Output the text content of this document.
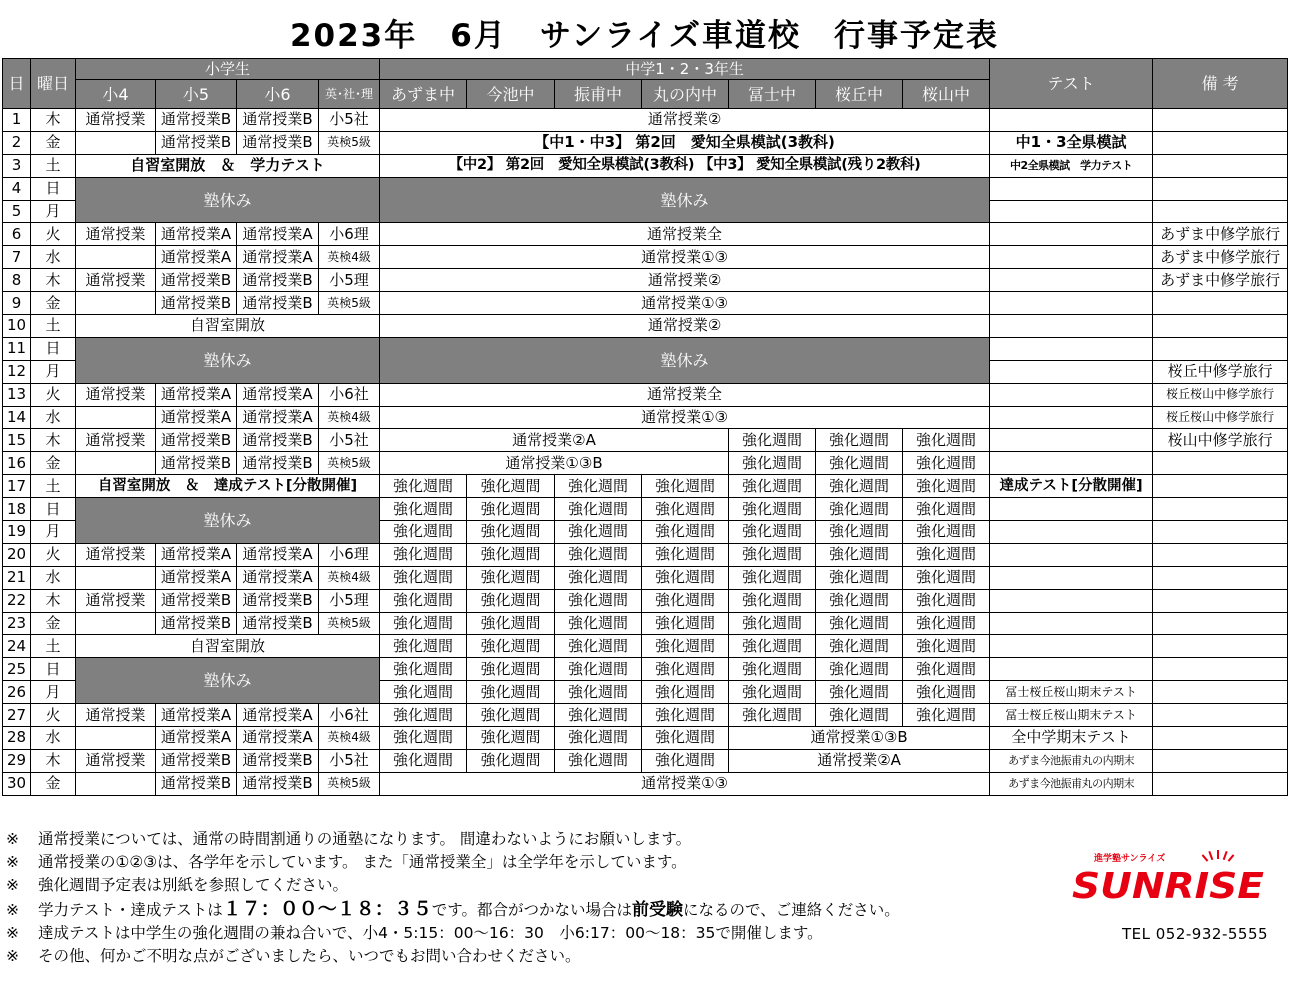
2023年　6月　サンライズ車道校　行事予定表
日	曜日	小学生				中学1・2・3年生							テスト	備 考
		小4	小5	小6	英･社･理	あずま中	今池中	振甫中	丸の内中	冨士中	桜丘中	桜山中		
1	木	通常授業	通常授業B	通常授業B	小5社	通常授業②								
2	金		通常授業B	通常授業B	英検5級	【中1・中3】 第2回　愛知全県模試(3教科)							中1・3全県模試	
3	土	自習室開放　＆　学力テスト				【中2】 第2回　愛知全県模試(3教科) 【中3】 愛知全県模試(残り2教科)							中2全県模試　学力テスト	
4	日	塾休み				塾休み								
5	月													
6	火	通常授業	通常授業A	通常授業A	小6理	通常授業全								あずま中修学旅行
7	水		通常授業A	通常授業A	英検4級	通常授業①③								あずま中修学旅行
8	木	通常授業	通常授業B	通常授業B	小5理	通常授業②								あずま中修学旅行
9	金		通常授業B	通常授業B	英検5級	通常授業①③								
10	土	自習室開放				通常授業②								
11	日	塾休み				塾休み								
12	月													桜丘中修学旅行
13	火	通常授業	通常授業A	通常授業A	小6社	通常授業全								桜丘桜山中修学旅行
14	水		通常授業A	通常授業A	英検4級	通常授業①③								桜丘桜山中修学旅行
15	木	通常授業	通常授業B	通常授業B	小5社	通常授業②A				強化週間	強化週間	強化週間		桜山中修学旅行
16	金		通常授業B	通常授業B	英検5級	通常授業①③B				強化週間	強化週間	強化週間		
17	土	自習室開放　＆　達成テスト[分散開催]				強化週間	強化週間	強化週間	強化週間	強化週間	強化週間	強化週間	達成テスト[分散開催]	
18	日	塾休み				強化週間	強化週間	強化週間	強化週間	強化週間	強化週間	強化週間		
19	月					強化週間	強化週間	強化週間	強化週間	強化週間	強化週間	強化週間		
20	火	通常授業	通常授業A	通常授業A	小6理	強化週間	強化週間	強化週間	強化週間	強化週間	強化週間	強化週間		
21	水		通常授業A	通常授業A	英検4級	強化週間	強化週間	強化週間	強化週間	強化週間	強化週間	強化週間		
22	木	通常授業	通常授業B	通常授業B	小5理	強化週間	強化週間	強化週間	強化週間	強化週間	強化週間	強化週間		
23	金		通常授業B	通常授業B	英検5級	強化週間	強化週間	強化週間	強化週間	強化週間	強化週間	強化週間		
24	土	自習室開放				強化週間	強化週間	強化週間	強化週間	強化週間	強化週間	強化週間		
25	日	塾休み				強化週間	強化週間	強化週間	強化週間	強化週間	強化週間	強化週間		
26	月					強化週間	強化週間	強化週間	強化週間	強化週間	強化週間	強化週間	冨士桜丘桜山期末テスト	
27	火	通常授業	通常授業A	通常授業A	小6社	強化週間	強化週間	強化週間	強化週間	強化週間	強化週間	強化週間	冨士桜丘桜山期末テスト	
28	水		通常授業A	通常授業A	英検4級	強化週間	強化週間	強化週間	強化週間	通常授業①③B			全中学期末テスト	
29	木	通常授業	通常授業B	通常授業B	小5社	強化週間	強化週間	強化週間	強化週間	通常授業②A			あずま今池振甫丸の内期末	
30	金		通常授業B	通常授業B	英検5級	通常授業①③							あずま今池振甫丸の内期末	
※ 通常授業については、通常の時間割通りの通塾になります。 間違わないようにお願いします。
※ 通常授業の①②③は、各学年を示しています。 また「通常授業全」は全学年を示しています。
※ 強化週間予定表は別紙を参照してください。
※ 学力テスト・達成テストは１７：００～１８：３５です。都合がつかない場合は前受験になるので、ご連絡ください。
※ 達成テストは中学生の強化週間の兼ね合いで、小4・5:15：00～16：30　小6:17：00～18：35で開催します。
※ その他、何かご不明な点がございましたら、いつでもお問い合わせください。
進学塾サンライズ
SUNRISE
TEL 052-932-5555
